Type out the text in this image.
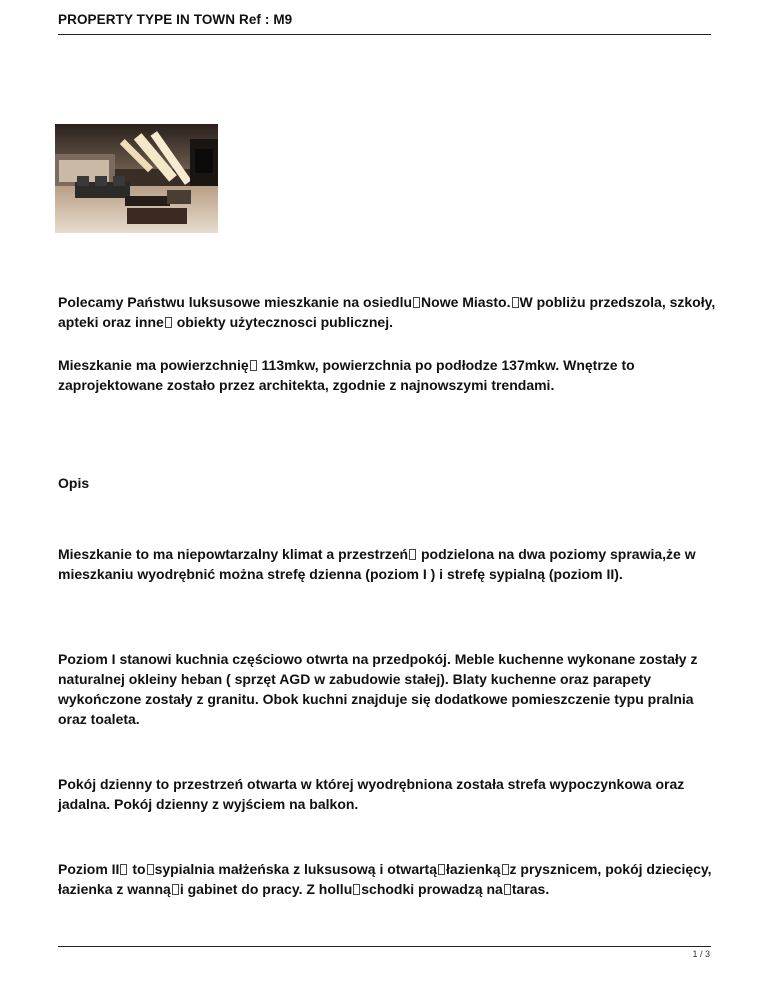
PROPERTY TYPE IN TOWN Ref : M9
Polecamy Państwu luksusowe mieszkanie na osiedlu Nowe Miasto. W pobliżu przedszola, szkoły, apteki oraz inne obiekty użytecznosci publicznej.
Mieszkanie ma powierzchnię 113mkw, powierzchnia po podłodze 137mkw. Wnętrze to zaprojektowane zostało przez architekta, zgodnie z najnowszymi trendami.
Opis
Mieszkanie to ma niepowtarzalny klimat a przestrzeń podzielona na dwa poziomy sprawia,że w mieszkaniu wyodrębnić można strefę dzienna (poziom I ) i strefę sypialną (poziom II).
Poziom I stanowi kuchnia częściowo otwrta na przedpokój. Meble kuchenne wykonane zostały z naturalnej okleiny heban ( sprzęt AGD w zabudowie stałej). Blaty kuchenne oraz parapety wykończone zostały z granitu. Obok kuchni znajduje się dodatkowe pomieszczenie typu pralnia oraz toaleta.
Pokój dzienny to przestrzeń otwarta w której wyodrębniona została strefa wypoczynkowa oraz jadalna. Pokój dzienny z wyjściem na balkon.
Poziom II to sypialnia małżeńska z luksusową i otwartą łazienką z prysznicem, pokój dziecięcy, łazienka z wanną i gabinet do pracy. Z hollu schodki prowadzą na taras.
1 / 3
